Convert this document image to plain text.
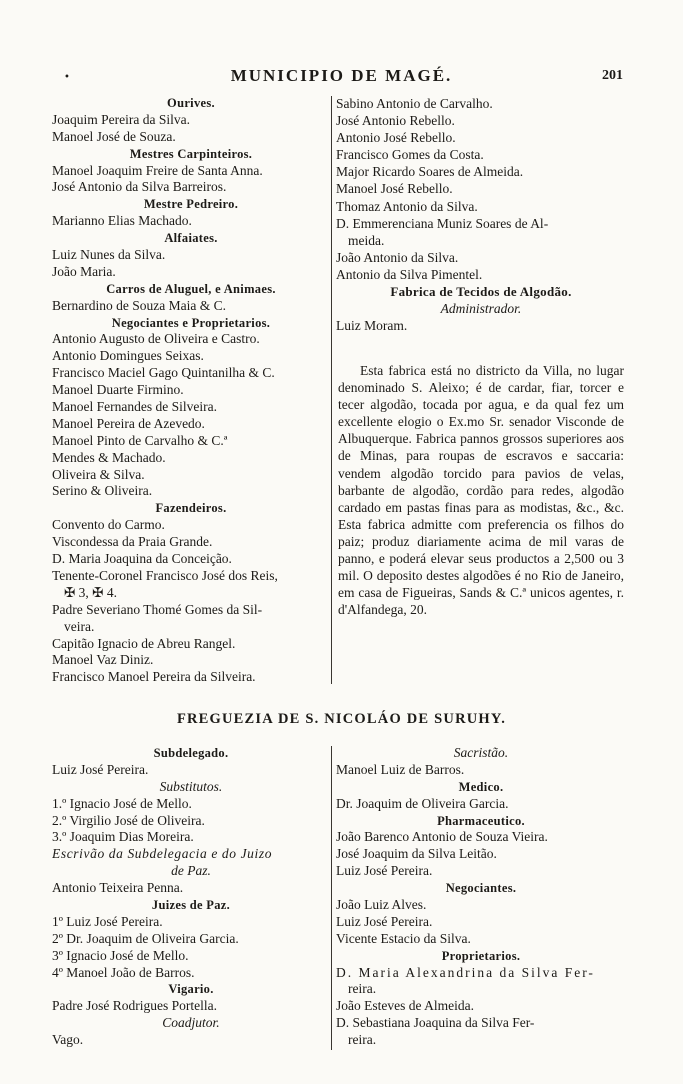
MUNICIPIO DE MAGÉ.	201
•
Ourives.
Joaquim Pereira da Silva.
Manoel José de Souza.
Mestres Carpinteiros.
Manoel Joaquim Freire de Santa Anna.
José Antonio da Silva Barreiros.
Mestre Pedreiro.
Marianno Elias Machado.
Alfaiates.
Luiz Nunes da Silva.
João Maria.
Carros de Aluguel, e Animaes.
Bernardino de Souza Maia & C.
Negociantes e Proprietarios.
Antonio Augusto de Oliveira e Castro.
Antonio Domingues Seixas.
Francisco Maciel Gago Quintanilha & C.
Manoel Duarte Firmino.
Manoel Fernandes de Silveira.
Manoel Pereira de Azevedo.
Manoel Pinto de Carvalho & C.ª
Mendes & Machado.
Oliveira & Silva.
Serino & Oliveira.
Fazendeiros.
Convento do Carmo.
Viscondessa da Praia Grande.
D. Maria Joaquina da Conceição.
Tenente-Coronel Francisco José dos Reis,
✠ 3, ✠ 4.
Padre Severiano Thomé Gomes da Sil-
veira.
Capitão Ignacio de Abreu Rangel.
Manoel Vaz Diniz.
Francisco Manoel Pereira da Silveira.
Sabino Antonio de Carvalho.
José Antonio Rebello.
Antonio José Rebello.
Francisco Gomes da Costa.
Major Ricardo Soares de Almeida.
Manoel José Rebello.
Thomaz Antonio da Silva.
D. Emmerenciana Muniz Soares de Al-
meida.
João Antonio da Silva.
Antonio da Silva Pimentel.
Fabrica de Tecidos de Algodão.
Administrador.
Luiz Moram.
Esta fabrica está no districto da Villa, no lugar denominado S. Aleixo; é de cardar, fiar, torcer e tecer algodão, tocada por agua, e da qual fez um excellente elogio o Ex.mo Sr. senador Visconde de Albuquerque. Fabrica pannos grossos superiores aos de Minas, para roupas de escravos e saccaria: vendem algodão torcido para pavios de velas, barbante de algodão, cordão para redes, algodão cardado em pastas finas para as modistas, &c., &c. Esta fabrica admitte com preferencia os filhos do paiz; produz diariamente acima de mil varas de panno, e poderá elevar seus productos a 2,500 ou 3 mil. O deposito destes algodões é no Rio de Janeiro, em casa de Figueiras, Sands & C.ª unicos agentes, r. d'Alfandega, 20.
FREGUEZIA DE S. NICOLÁO DE SURUHY.
Subdelegado.
Luiz José Pereira.
Substitutos.
1.º Ignacio José de Mello.
2.º Virgilio José de Oliveira.
3.º Joaquim Dias Moreira.
Escrivão da Subdelegacia e do Juizo
de Paz.
Antonio Teixeira Penna.
Juizes de Paz.
1º Luiz José Pereira.
2º Dr. Joaquim de Oliveira Garcia.
3º Ignacio José de Mello.
4º Manoel João de Barros.
Vigario.
Padre José Rodrigues Portella.
Coadjutor.
Vago.
Sacristão.
Manoel Luiz de Barros.
Medico.
Dr. Joaquim de Oliveira Garcia.
Pharmaceutico.
João Barenco Antonio de Souza Vieira.
José Joaquim da Silva Leitão.
Luiz José Pereira.
Negociantes.
João Luiz Alves.
Luiz José Pereira.
Vicente Estacio da Silva.
Proprietarios.
D. Maria Alexandrina da Silva Fer-
reira.
João Esteves de Almeida.
D. Sebastiana Joaquina da Silva Fer-
reira.
